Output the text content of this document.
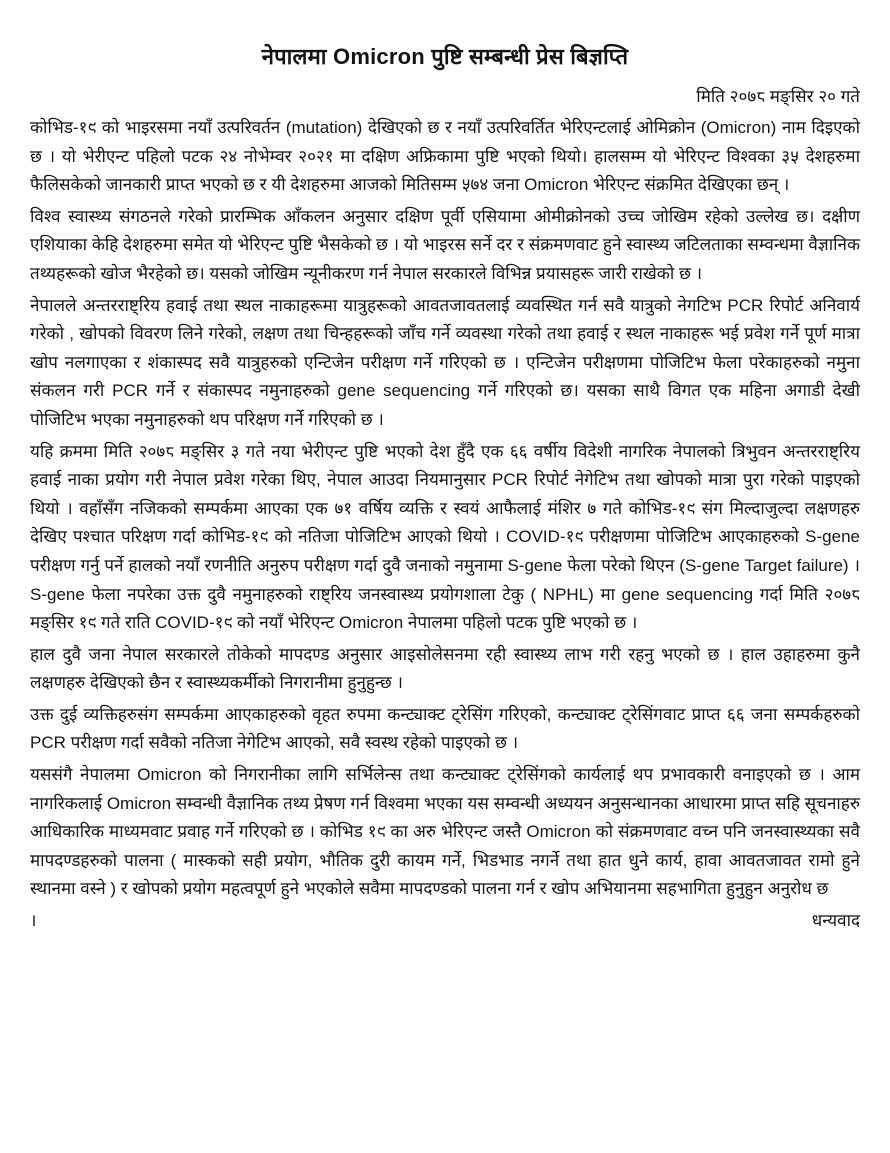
नेपालमा Omicron पुष्टि सम्बन्धी प्रेस बिज्ञप्ति
मिति २०७८ मङ्सिर २० गते

कोभिड-१९ को भाइरसमा नयाँ उत्परिवर्तन (mutation) देखिएको छ र नयाँ उत्परिवर्तित भेरिएन्टलाई ओमिक्रोन (Omicron) नाम दिइएको छ । यो भेरीएन्ट पहिलो पटक २४ नोभेम्वर २०२१ मा दक्षिण अफ्रिकामा पुष्टि भएको थियो। हालसम्म यो भेरिएन्ट विश्वका ३५ देशहरुमा फैलिसकेको जानकारी प्राप्त भएको छ र यी देशहरुमा आजको मितिसम्म ५७४ जना Omicron भेरिएन्ट संक्रमित देखिएका छन् ।

विश्व स्वास्थ्य संगठनले गरेको प्रारम्भिक आँकलन अनुसार दक्षिण पूर्वी एसियामा ओमीक्रोनको उच्च जोखिम रहेको उल्लेख छ। दक्षीण एशियाका केहि देशहरुमा समेत यो भेरिएन्ट पुष्टि भैसकेको छ । यो भाइरस सर्ने दर र संक्रमणवाट हुने स्वास्थ्य जटिलताका सम्वन्धमा वैज्ञानिक तथ्यहरूको खोज भैरहेको छ। यसको जोखिम न्यूनीकरण गर्न नेपाल सरकारले विभिन्न प्रयासहरू जारी राखेको छ ।

नेपालले अन्तरराष्ट्रिय हवाई तथा स्थल नाकाहरूमा यात्रुहरूको आवतजावतलाई व्यवस्थित गर्न सवै यात्रुको नेगटिभ PCR रिपोर्ट अनिवार्य गरेको , खोपको विवरण लिने गरेको, लक्षण तथा चिन्हहरूको जाँच गर्ने व्यवस्था गरेको तथा हवाई र स्थल नाकाहरू भई प्रवेश गर्ने पूर्ण मात्रा खोप नलगाएका र शंकास्पद सवै यात्रुहरुको एन्टिजेन परीक्षण गर्ने गरिएको छ । एन्टिजेन परीक्षणमा पोजिटिभ फेला परेकाहरुको नमुना संकलन गरी PCR गर्ने र संकास्पद नमुनाहरुको gene sequencing गर्ने गरिएको छ। यसका साथै विगत एक महिना अगाडी देखी पोजिटिभ भएका नमुनाहरुको थप परिक्षण गर्ने गरिएको छ ।

यहि क्रममा मिति २०७८ मङ्सिर ३ गते नया भेरीएन्ट पुष्टि भएको देश हुँदै एक ६६ वर्षीय विदेशी नागरिक नेपालको त्रिभुवन अन्तरराष्ट्रिय हवाई नाका प्रयोग गरी नेपाल प्रवेश गरेका थिए, नेपाल आउदा नियमानुसार PCR रिपोर्ट नेगेटिभ तथा खोपको मात्रा पुरा गरेको पाइएको थियो । वहाँसँग नजिकको सम्पर्कमा आएका एक ७१ वर्षिय व्यक्ति र स्वयं आफैलाई मंशिर ७ गते कोभिड-१९ संग मिल्दाजुल्दा लक्षणहरु देखिए पश्चात परिक्षण गर्दा कोभिड-१९ को नतिजा पोजिटिभ आएको थियो । COVID-१९ परीक्षणमा पोजिटिभ आएकाहरुको S-gene परीक्षण गर्नु पर्ने हालको नयाँ रणनीति अनुरुप परीक्षण गर्दा दुवै जनाको नमुनामा S-gene फेला परेको थिएन (S-gene Target failure) । S-gene फेला नपरेका उक्त दुवै नमुनाहरुको राष्ट्रिय जनस्वास्थ्य प्रयोगशाला टेकु ( NPHL) मा gene sequencing गर्दा मिति २०७८ मङ्सिर १९ गते राति COVID-१९ को नयाँ भेरिएन्ट Omicron नेपालमा पहिलो पटक पुष्टि भएको छ ।

हाल दुवै जना नेपाल सरकारले तोकेको मापदण्ड अनुसार आइसोलेसनमा रही स्वास्थ्य लाभ गरी रहनु भएको छ । हाल उहाहरुमा कुनै लक्षणहरु देखिएको छैन र स्वास्थ्यकर्मीको निगरानीमा हुनुहुन्छ ।

उक्त दुई व्यक्तिहरुसंग सम्पर्कमा आएकाहरुको वृहत रुपमा कन्ट्याक्ट ट्रेसिंग गरिएको, कन्ट्याक्ट ट्रेसिंगवाट प्राप्त ६६ जना सम्पर्कहरुको PCR परीक्षण गर्दा सवैको नतिजा नेगेटिभ आएको, सवै स्वस्थ रहेको पाइएको छ ।

यससंगै नेपालमा Omicron को निगरानीका लागि सर्भिलेन्स तथा कन्ट्याक्ट ट्रेसिंगको कार्यलाई थप प्रभावकारी वनाइएको छ । आम नागरिकलाई Omicron सम्वन्धी वैज्ञानिक तथ्य प्रेषण गर्न विश्वमा भएका यस सम्वन्धी अध्ययन अनुसन्धानका आधारमा प्राप्त सहि सूचनाहरु आधिकारिक माध्यमवाट प्रवाह गर्ने गरिएको छ । कोभिड १९ का अरु भेरिएन्ट जस्तै Omicron को संक्रमणवाट वच्न पनि जनस्वास्थ्यका सवै मापदण्डहरुको पालना ( मास्कको सही प्रयोग, भौतिक दुरी कायम गर्ने, भिडभाड नगर्ने तथा हात धुने कार्य, हावा आवतजावत रामो हुने स्थानमा वस्ने ) र खोपको प्रयोग महत्वपूर्ण हुने भएकोले सवैमा मापदण्डको पालना गर्न र खोप अभियानमा सहभागिता हुनुहुन अनुरोध छ

।	धन्यवाद
